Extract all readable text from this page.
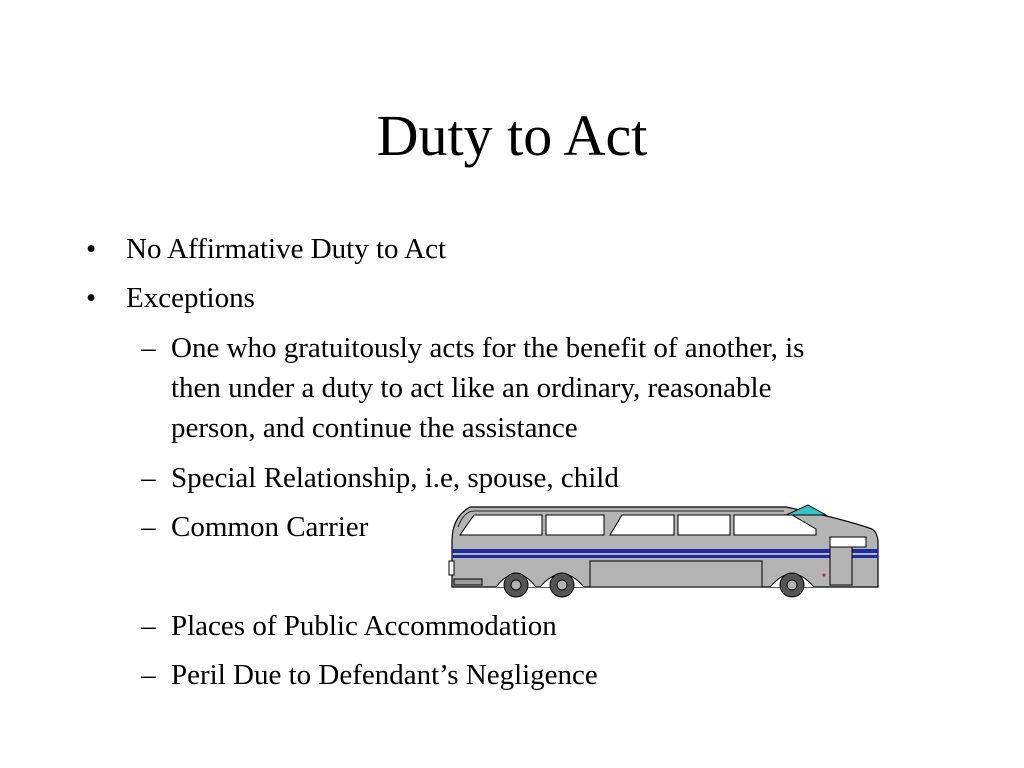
Duty to Act
• No Affirmative Duty to Act
• Exceptions
– One who gratuitously acts for the benefit of another, is
then under a duty to act like an ordinary, reasonable
person, and continue the assistance
– Special Relationship, i.e, spouse, child
– Common Carrier
– Places of Public Accommodation
– Peril Due to Defendant’s Negligence
